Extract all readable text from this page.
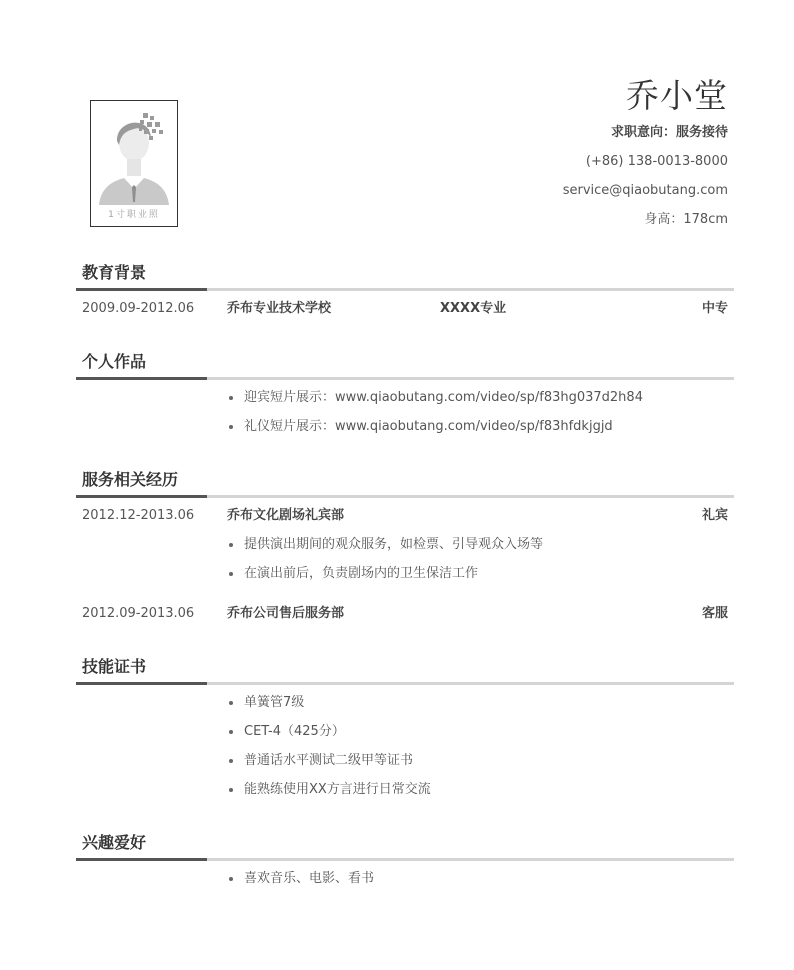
1寸职业照
乔小堂
求职意向：服务接待
(+86) 138-0013-8000
service@qiaobutang.com
身高：178cm
教育背景
2009.09-2012.06	乔布专业技术学校	XXXX专业	中专
个人作品
迎宾短片展示：www.qiaobutang.com/video/sp/f83hg037d2h84
礼仪短片展示：www.qiaobutang.com/video/sp/f83hfdkjgjd
服务相关经历
2012.12-2013.06	乔布文化剧场礼宾部	礼宾
提供演出期间的观众服务，如检票、引导观众入场等
在演出前后，负责剧场内的卫生保洁工作
2012.09-2013.06	乔布公司售后服务部	客服
技能证书
单簧管7级
CET-4（425分）
普通话水平测试二级甲等证书
能熟练使用XX方言进行日常交流
兴趣爱好
喜欢音乐、电影、看书
